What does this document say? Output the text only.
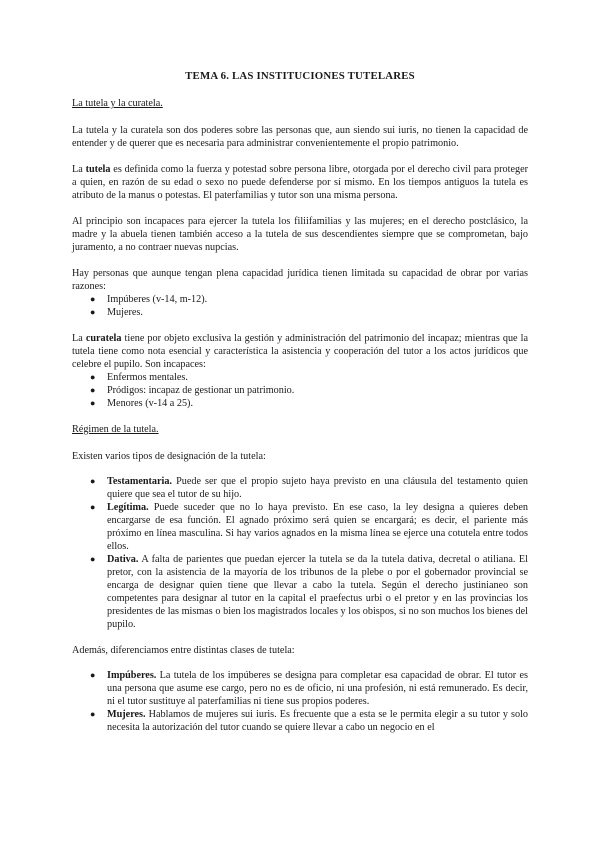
TEMA 6. LAS INSTITUCIONES TUTELARES
La tutela y la curatela.

La tutela y la curatela son dos poderes sobre las personas que, aun siendo sui iuris, no tienen la capacidad de entender y de querer que es necesaria para administrar convenientemente el propio patrimonio.

La tutela es definida como la fuerza y potestad sobre persona libre, otorgada por el derecho civil para proteger a quien, en razón de su edad o sexo no puede defenderse por sí mismo. En los tiempos antiguos la tutela es atributo de la manus o potestas. El paterfamilias y tutor son una misma persona.

Al principio son incapaces para ejercer la tutela los filiifamilias y las mujeres; en el derecho postclásico, la madre y la abuela tienen también acceso a la tutela de sus descendientes siempre que se comprometan, bajo juramento, a no contraer nuevas nupcias.

Hay personas que aunque tengan plena capacidad jurídica tienen limitada su capacidad de obrar por varias razones:

● Impúberes (v-14, m-12).
● Mujeres.

La curatela tiene por objeto exclusiva la gestión y administración del patrimonio del incapaz; mientras que la tutela tiene como nota esencial y característica la asistencia y cooperación del tutor a los actos jurídicos que celebre el pupilo. Son incapaces:

● Enfermos mentales.
● Pródigos: incapaz de gestionar un patrimonio.
● Menores (v-14 a 25).
Régimen de la tutela.

Existen varios tipos de designación de la tutela:

● Testamentaria. Puede ser que el propio sujeto haya previsto en una cláusula del testamento quien quiere que sea el tutor de su hijo.
● Legítima. Puede suceder que no lo haya previsto. En ese caso, la ley designa a quieres deben encargarse de esa función. El agnado próximo será quien se encargará; es decir, el pariente más próximo en línea masculina. Si hay varios agnados en la misma línea se ejerce una cotutela entre todos ellos.
● Dativa. A falta de parientes que puedan ejercer la tutela se da la tutela dativa, decretal o atiliana. El pretor, con la asistencia de la mayoría de los tribunos de la plebe o por el gobernador provincial se encarga de designar quien tiene que llevar a cabo la tutela. Según el derecho justinianeo son competentes para designar al tutor en la capital el praefectus urbi o el pretor y en las provincias los presidentes de las mismas o bien los magistrados locales y los obispos, si no son muchos los bienes del pupilo.

Además, diferenciamos entre distintas clases de tutela:

● Impúberes. La tutela de los impúberes se designa para completar esa capacidad de obrar. El tutor es una persona que asume ese cargo, pero no es de oficio, ni una profesión, ni está remunerado. Es decir, ni el tutor sustituye al paterfamilias ni tiene sus propios poderes.
● Mujeres. Hablamos de mujeres sui iuris. Es frecuente que a esta se le permita elegir a su tutor y solo necesita la autorización del tutor cuando se quiere llevar a cabo un negocio en el
